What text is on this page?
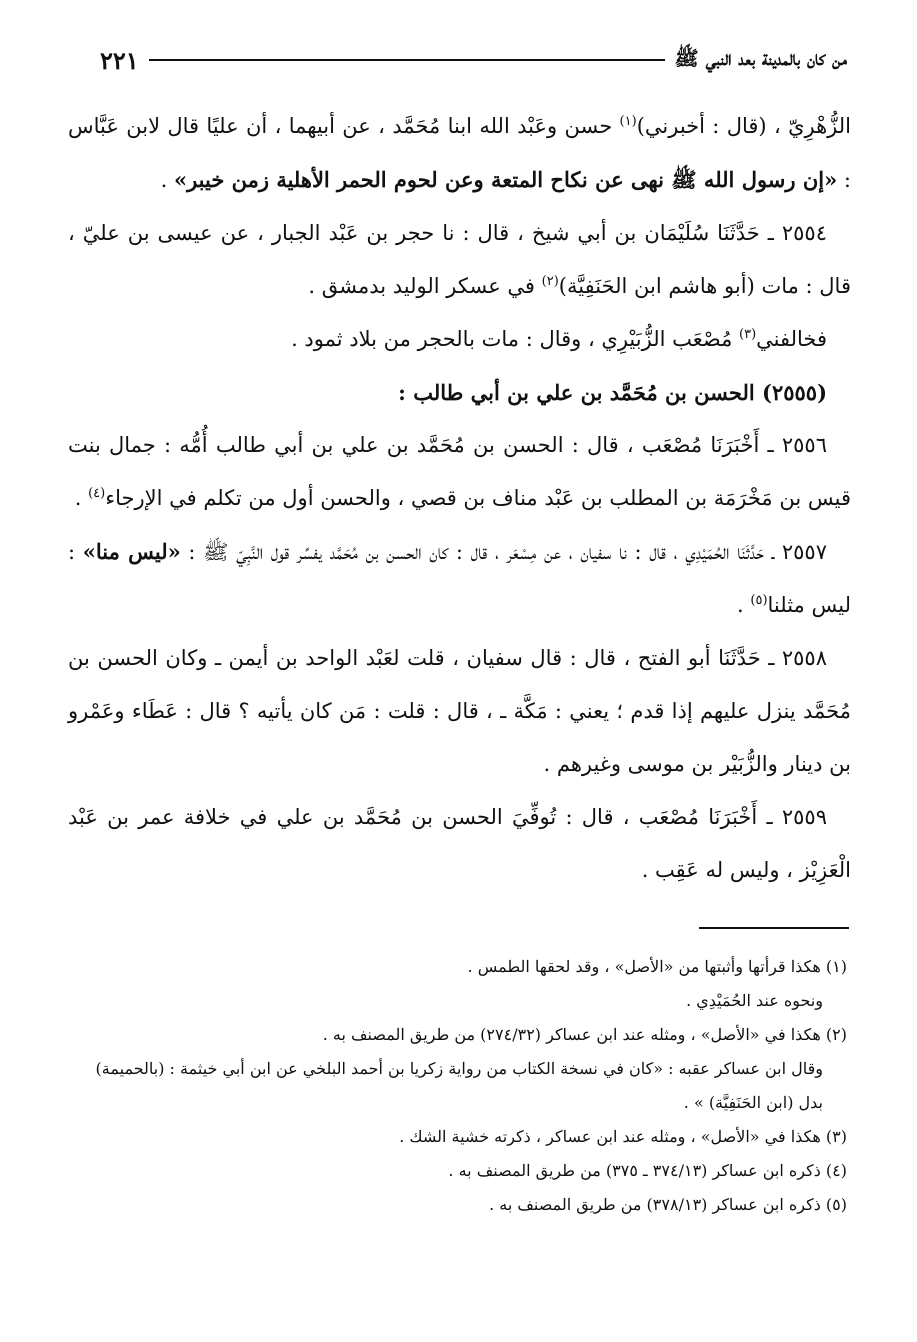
من كان بالمدينة بعد النبي ﷺ
٢٢١

الزُّهْرِيّ ، (قال : أخبرني)$^{(١)}$ حسن وعَبْد الله ابنا مُحَمَّد ، عن أبيهما ، أن عليًا قال لابن عَبَّاس : «إن رسول الله ﷺ نهى عن نكاح المتعة وعن لحوم الحمر الأهلية زمن خيبر» .

٢٥٥٤ ـ حَدَّثَنَا سُلَيْمَان بن أبي شيخ ، قال : نا حجر بن عَبْد الجبار ، عن عيسى بن عليّ ، قال : مات (أبو هاشم ابن الحَنَفِيَّة)$^{(٢)}$ في عسكر الوليد بدمشق .

فخالفني$^{(٣)}$ مُصْعَب الزُّبَيْرِي ، وقال : مات بالحجر من بلاد ثمود .

(٢٥٥٥) الحسن بن مُحَمَّد بن علي بن أبي طالب :

٢٥٥٦ ـ أَخْبَرَنَا مُصْعَب ، قال : الحسن بن مُحَمَّد بن علي بن أبي طالب أُمُّه : جمال بنت قيس بن مَخْرَمَة بن المطلب بن عَبْد مناف بن قصي ، والحسن أول من تكلم في الإرجاء$^{(٤)}$ .

٢٥٥٧ ـ حَدَّثَنَا الحُمَيْدِي ، قال : نا سفيان ، عن مِسْعَر ، قال : كان الحسن بن مُحَمَّد يفسِّر قول النَّبِيّ ﷺ : «ليس منا» : ليس مثلنا$^{(٥)}$ .

٢٥٥٨ ـ حَدَّثَنَا أبو الفتح ، قال : قال سفيان ، قلت لعَبْد الواحد بن أيمن ـ وكان الحسن بن مُحَمَّد ينزل عليهم إذا قدم ؛ يعني : مَكَّة ـ ، قال : قلت : مَن كان يأتيه ؟ قال : عَطَاء وعَمْرو بن دينار والزُّبَيْر بن موسى وغيرهم .

٢٥٥٩ ـ أَخْبَرَنَا مُصْعَب ، قال : تُوفِّيَ الحسن بن مُحَمَّد بن علي في خلافة عمر بن عَبْد الْعَزِيْز ، وليس له عَقِب .

(١) هكذا قرأتها وأثبتها من «الأصل» ، وقد لحقها الطمس .

ونحوه عند الحُمَيْدِي .

(٢) هكذا في «الأصل» ، ومثله عند ابن عساكر (٢٧٤/٣٢) من طريق المصنف به .

وقال ابن عساكر عقبه : «كان في نسخة الكتاب من رواية زكريا بن أحمد البلخي عن ابن أبي خيثمة : (بالحميمة) بدل (ابن الحَنَفِيَّة) » .

(٣) هكذا في «الأصل» ، ومثله عند ابن عساكر ، ذكرته خشية الشك .

(٤) ذكره ابن عساكر (٣٧٤/١٣ ـ ٣٧٥) من طريق المصنف به .

(٥) ذكره ابن عساكر (٣٧٨/١٣) من طريق المصنف به .
